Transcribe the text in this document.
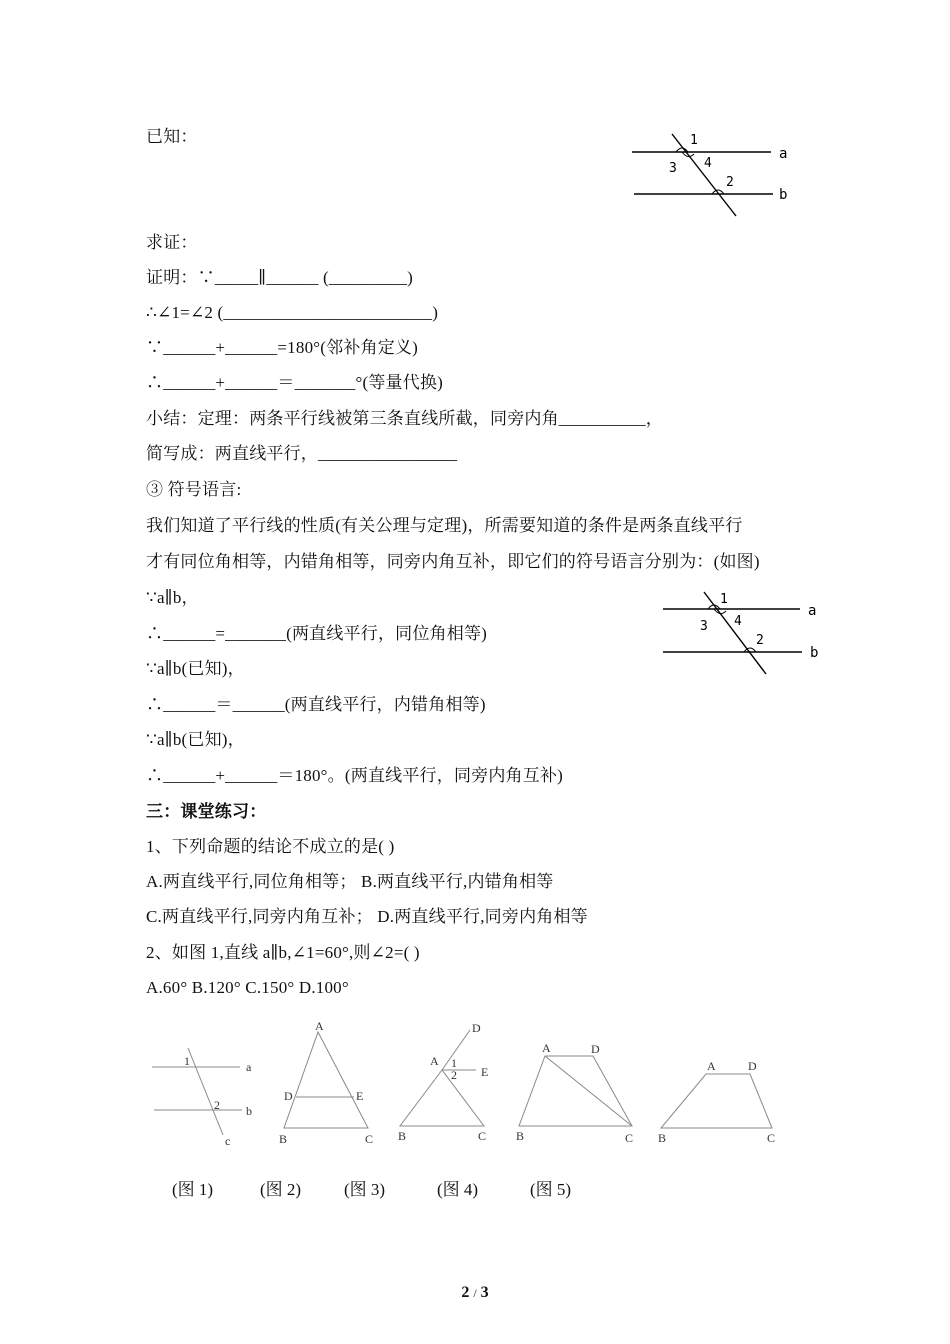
已知：
求证：
证明：∵_____∥______ (_________)
∴∠1=∠2 (________________________)
∵______+______=180°(邻补角定义)
∴______+______＝_______°(等量代换)
小结：定理：两条平行线被第三条直线所截，同旁内角__________，
简写成：两直线平行，________________
③ 符号语言:
我们知道了平行线的性质(有关公理与定理)，所需要知道的条件是两条直线平行
才有同位角相等，内错角相等，同旁内角互补，即它们的符号语言分别为：(如图)
∵a∥b，
∴______=_______(两直线平行，同位角相等)
∵a∥b(已知)，
∴______＝______(两直线平行，内错角相等)
∵a∥b(已知)，
∴______+______＝180°。(两直线平行，同旁内角互补)
三：课堂练习：
1、下列命题的结论不成立的是( )
A.两直线平行,同位角相等； B.两直线平行,内错角相等
C.两直线平行,同旁内角互补； D.两直线平行,同旁内角相等
2、如图 1,直线 a∥b,∠1=60°,则∠2=( )
A.60° B.120° C.150° D.100°
1
3 4
2
a
b
1
3 4
2
a
b
1
2
a
b
c
A
B	C
D	E
A
B	C
D
E
1
2
A	D
B	C
A	D
B	C
(图 1)	(图 2)	(图 3)	(图 4)	(图 5)
2 / 3
